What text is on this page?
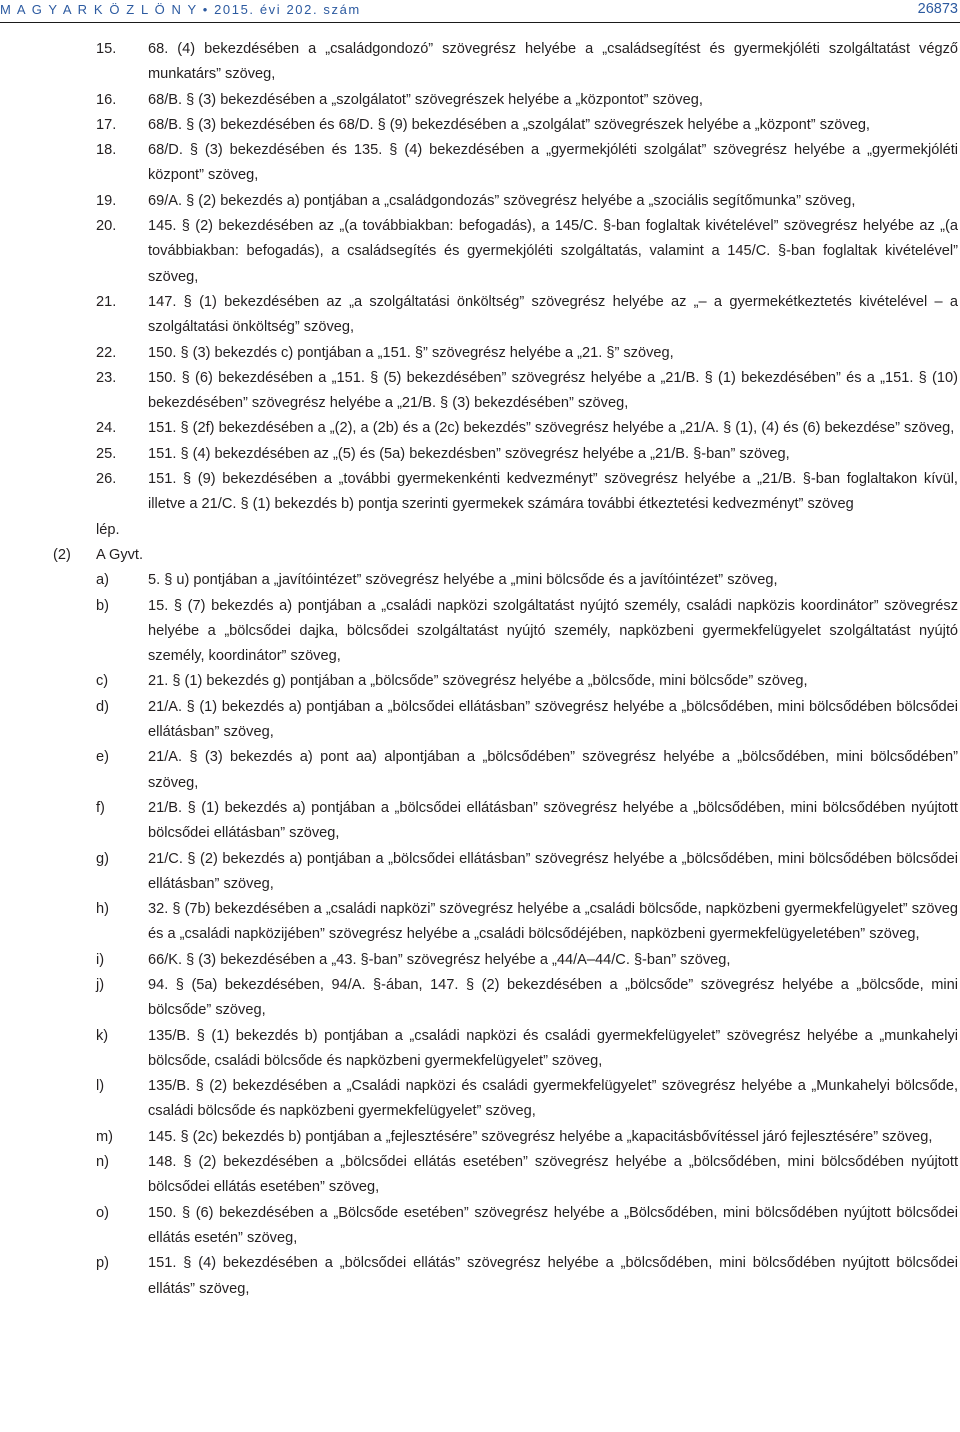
M A G Y A R K Ö Z L Ö N Y • 2015. évi 202. szám	26873
15.	68. (4) bekezdésében a „családgondozó” szövegrész helyébe a „családsegítést és gyermekjóléti szolgáltatást végző munkatárs” szöveg,
16.	68/B. § (3) bekezdésében a „szolgálatot” szövegrészek helyébe a „központot” szöveg,
17.	68/B. § (3) bekezdésében és 68/D. § (9) bekezdésében a „szolgálat” szövegrészek helyébe a „központ” szöveg,
18.	68/D. § (3) bekezdésében és 135. § (4) bekezdésében a „gyermekjóléti szolgálat” szövegrész helyébe a „gyermekjóléti központ” szöveg,
19.	69/A. § (2) bekezdés a) pontjában a „családgondozás” szövegrész helyébe a „szociális segítőmunka” szöveg,
20.	145. § (2) bekezdésében az „(a továbbiakban: befogadás), a 145/C. §-ban foglaltak kivételével” szövegrész helyébe az „(a továbbiakban: befogadás), a családsegítés és gyermekjóléti szolgáltatás, valamint a 145/C. §-ban foglaltak kivételével” szöveg,
21.	147. § (1) bekezdésében az „a szolgáltatási önköltség” szövegrész helyébe az „– a gyermekétkeztetés kivételével – a szolgáltatási önköltség” szöveg,
22.	150. § (3) bekezdés c) pontjában a „151. §” szövegrész helyébe a „21. §” szöveg,
23.	150. § (6) bekezdésében a „151. § (5) bekezdésében” szövegrész helyébe a „21/B. § (1) bekezdésében” és a „151. § (10) bekezdésében” szövegrész helyébe a „21/B. § (3) bekezdésében” szöveg,
24.	151. § (2f) bekezdésében a „(2), a (2b) és a (2c) bekezdés” szövegrész helyébe a „21/A. § (1), (4) és (6) bekezdése” szöveg,
25.	151. § (4) bekezdésében az „(5) és (5a) bekezdésben” szövegrész helyébe a „21/B. §-ban” szöveg,
26.	151. § (9) bekezdésében a „további gyermekenkénti kedvezményt” szövegrész helyébe a „21/B. §-ban foglaltakon kívül, illetve a 21/C. § (1) bekezdés b) pontja szerinti gyermekek számára további étkeztetési kedvezményt” szöveg
lép.
(2)	A Gyvt.
a)	5. § u) pontjában a „javítóintézet” szövegrész helyébe a „mini bölcsőde és a javítóintézet” szöveg,
b)	15. § (7) bekezdés a) pontjában a „családi napközi szolgáltatást nyújtó személy, családi napközis koordinátor” szövegrész helyébe a „bölcsődei dajka, bölcsődei szolgáltatást nyújtó személy, napközbeni gyermekfelügyelet szolgáltatást nyújtó személy, koordinátor” szöveg,
c)	21. § (1) bekezdés g) pontjában a „bölcsőde” szövegrész helyébe a „bölcsőde, mini bölcsőde” szöveg,
d)	21/A. § (1) bekezdés a) pontjában a „bölcsődei ellátásban” szövegrész helyébe a „bölcsődében, mini bölcsődében bölcsődei ellátásban” szöveg,
e)	21/A. § (3) bekezdés a) pont aa) alpontjában a „bölcsődében” szövegrész helyébe a „bölcsődében, mini bölcsődében” szöveg,
f)	21/B. § (1) bekezdés a) pontjában a „bölcsődei ellátásban” szövegrész helyébe a „bölcsődében, mini bölcsődében nyújtott bölcsődei ellátásban” szöveg,
g)	21/C. § (2) bekezdés a) pontjában a „bölcsődei ellátásban” szövegrész helyébe a „bölcsődében, mini bölcsődében bölcsődei ellátásban” szöveg,
h)	32. § (7b) bekezdésében a „családi napközi” szövegrész helyébe a „családi bölcsőde, napközbeni gyermekfelügyelet” szöveg és a „családi napközijében” szövegrész helyébe a „családi bölcsődéjében, napközbeni gyermekfelügyeletében” szöveg,
i)	66/K. § (3) bekezdésében a „43. §-ban” szövegrész helyébe a „44/A–44/C. §-ban” szöveg,
j)	94. § (5a) bekezdésében, 94/A. §-ában, 147. § (2) bekezdésében a „bölcsőde” szövegrész helyébe a „bölcsőde, mini bölcsőde” szöveg,
k)	135/B. § (1) bekezdés b) pontjában a „családi napközi és családi gyermekfelügyelet” szövegrész helyébe a „munkahelyi bölcsőde, családi bölcsőde és napközbeni gyermekfelügyelet” szöveg,
l)	135/B. § (2) bekezdésében a „Családi napközi és családi gyermekfelügyelet” szövegrész helyébe a „Munkahelyi bölcsőde, családi bölcsőde és napközbeni gyermekfelügyelet” szöveg,
m)	145. § (2c) bekezdés b) pontjában a „fejlesztésére” szövegrész helyébe a „kapacitásbővítéssel járó fejlesztésére” szöveg,
n)	148. § (2) bekezdésében a „bölcsődei ellátás esetében” szövegrész helyébe a „bölcsődében, mini bölcsődében nyújtott bölcsődei ellátás esetében” szöveg,
o)	150. § (6) bekezdésében a „Bölcsőde esetében” szövegrész helyébe a „Bölcsődében, mini bölcsődében nyújtott bölcsődei ellátás esetén” szöveg,
p)	151. § (4) bekezdésében a „bölcsődei ellátás” szövegrész helyébe a „bölcsődében, mini bölcsődében nyújtott bölcsődei ellátás” szöveg,
